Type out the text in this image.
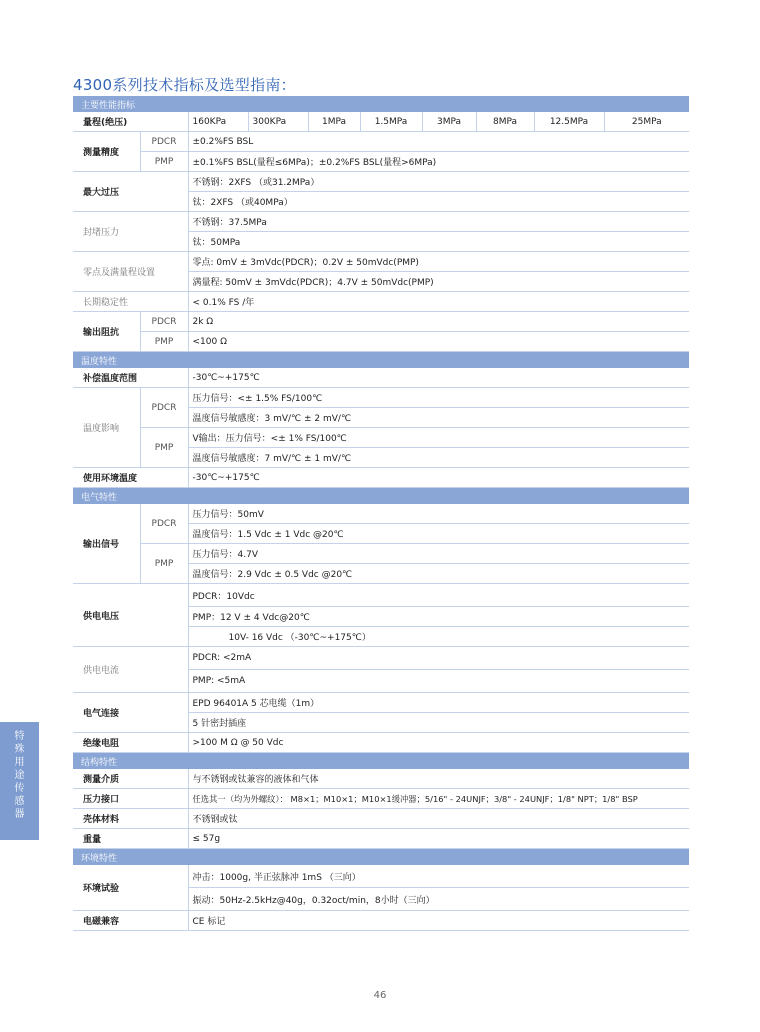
4300系列技术指标及选型指南：
主要性能指标									
量程(绝压)		160KPa	300KPa	1MPa	1.5MPa	3MPa	8MPa	12.5MPa	25MPa
测量精度	PDCR	±0.2%FS BSL							
	PMP	±0.1%FS BSL(量程≤6MPa)；±0.2%FS BSL(量程>6MPa)							
最大过压		不锈钢：2ⅩFS （或31.2MPa）							
		钛：2ⅩFS （或40MPa）							
封堵压力		不锈钢：37.5MPa							
		钛：50MPa							
零点及满量程设置		零点: 0mV ± 3mVdc(PDCR)；0.2V ± 50mVdc(PMP)							
		满量程: 50mV ± 3mVdc(PDCR)；4.7V ± 50mVdc(PMP)							
长期稳定性		< 0.1% FS /年							
输出阻抗	PDCR	2k Ω							
	PMP	<100 Ω							
温度特性									
补偿温度范围		-30℃~+175℃							
温度影响	PDCR	压力信号：<± 1.5% FS/100℃							
		温度信号敏感度：3 mV/℃ ± 2 mV/℃							
	PMP	V输出：压力信号：<± 1% FS/100℃							
		温度信号敏感度：7 mV/℃ ± 1 mV/℃							
使用环境温度		-30℃~+175℃							
电气特性									
输出信号	PDCR	压力信号：50mV							
		温度信号：1.5 Vdc ± 1 Vdc @20℃							
	PMP	压力信号：4.7V							
		温度信号：2.9 Vdc ± 0.5 Vdc @20℃							
供电电压		PDCR：10Vdc							
		PMP：12 V ± 4 Vdc@20℃							
		10V- 16 Vdc （-30℃~+175℃）							
供电电流		PDCR: <2mA							
		PMP: <5mA							
电气连接		EPD 96401A 5 芯电缆（1m）							
		5 针密封插座							
绝缘电阻		>100 M Ω @ 50 Vdc							
结构特性									
测量介质		与不锈钢或钛兼容的液体和气体							
压力接口		任选其一（均为外螺纹）： M8×1；M10×1；M10×1缓冲器；5/16" - 24UNJF；3/8" - 24UNJF；1/8" NPT；1/8" BSP							
壳体材料		不锈钢或钛							
重量		≤ 57g							
环境特性									
环境试验		冲击：1000g, 半正弦脉冲 1mS （三向）							
		振动：50Hz-2.5kHz@40g，0.32oct/min，8小时（三向）							
电磁兼容		CE 标记							
特
殊
用
途
传
感
器
46
